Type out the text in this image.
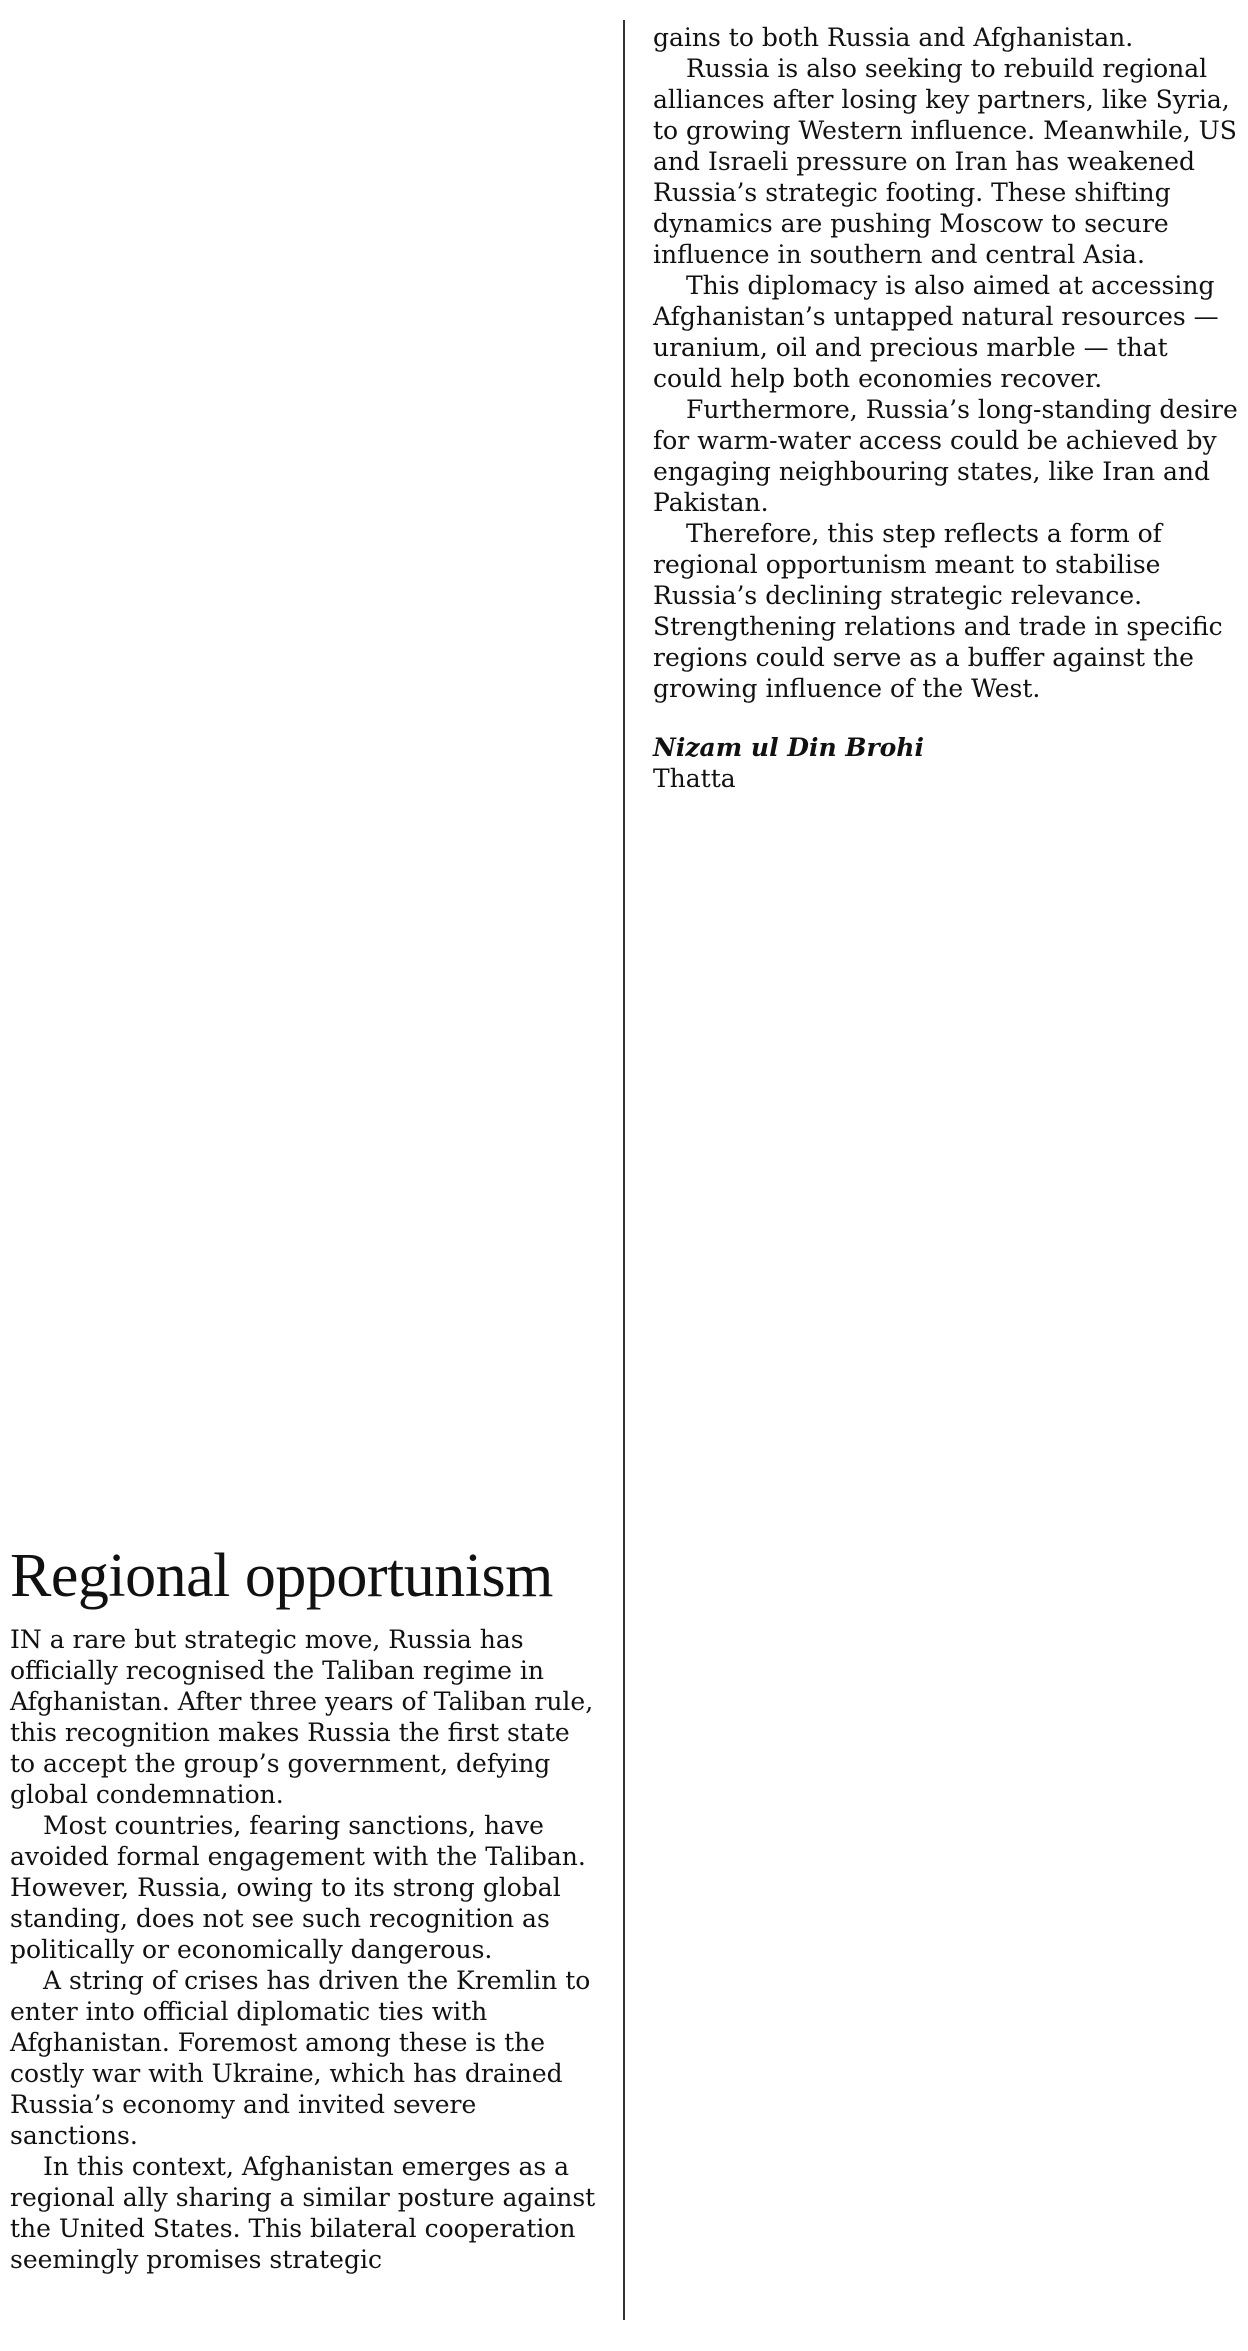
gains to both Russia and Afghanistan.

Russia is also seeking to rebuild regional alliances after losing key partners, like Syria, to growing Western influence. Meanwhile, US and Israeli pressure on Iran has weakened Russia’s strategic footing. These shifting dynamics are pushing Moscow to secure influence in southern and central Asia.

This diplomacy is also aimed at accessing Afghanistan’s untapped natural resources — uranium, oil and precious marble — that could help both economies recover.

Furthermore, Russia’s long-standing desire for warm-water access could be achieved by engaging neighbouring states, like Iran and Pakistan.

Therefore, this step reflects a form of regional opportunism meant to stabilise Russia’s declining strategic relevance. Strengthening relations and trade in specific regions could serve as a buffer against the growing influence of the West.

Nizam ul Din Brohi

Thatta

Regional opportunism

IN a rare but strategic move, Russia has officially recognised the Taliban regime in Afghanistan. After three years of Taliban rule, this recognition makes Russia the first state to accept the group’s government, defying global condemnation.

Most countries, fearing sanctions, have avoided formal engagement with the Taliban. However, Russia, owing to its strong global standing, does not see such recognition as politically or economically dangerous.

A string of crises has driven the Kremlin to enter into official diplomatic ties with Afghanistan. Foremost among these is the costly war with Ukraine, which has drained Russia’s economy and invited severe sanctions.

In this context, Afghanistan emerges as a regional ally sharing a similar posture against the United States. This bilateral cooperation seemingly promises strategic
